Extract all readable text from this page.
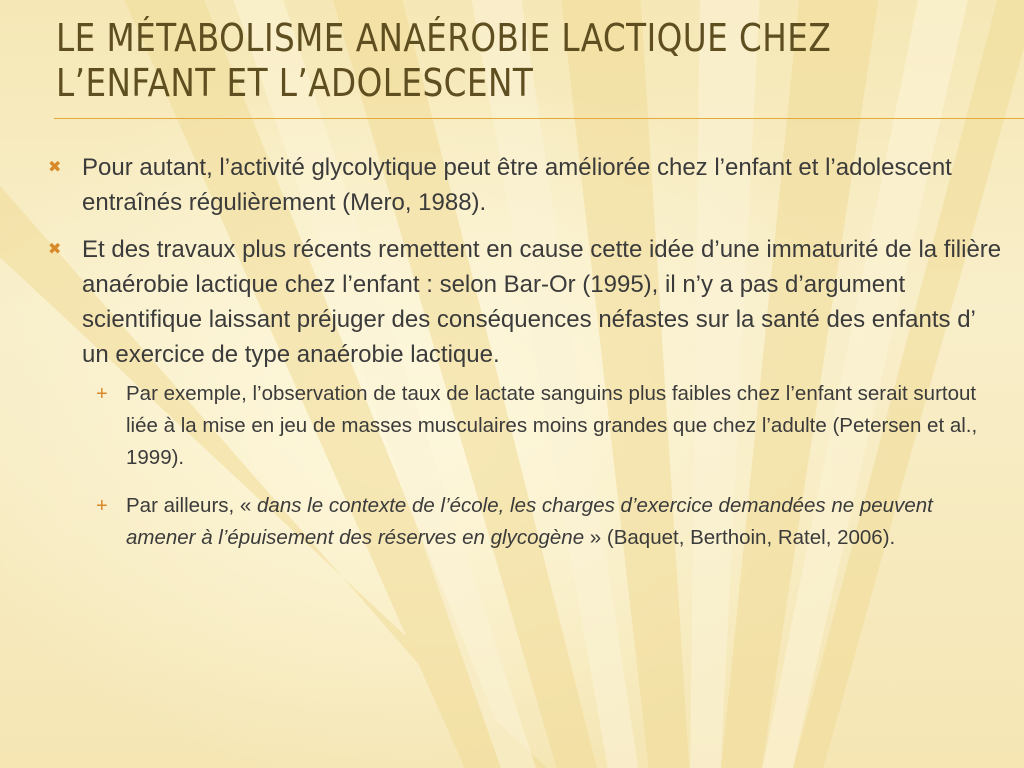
LE MÉTABOLISME ANAÉROBIE LACTIQUE CHEZ
L’ENFANT ET L’ADOLESCENT
✖ Pour autant, l’activité glycolytique peut être améliorée chez l’enfant et l’adolescent entraînés régulièrement (Mero, 1988).
✖ Et des travaux plus récents remettent en cause cette idée d’une immaturité de la filière anaérobie lactique chez l’enfant : selon Bar-Or (1995), il n’y a pas d’argument scientifique laissant préjuger des conséquences néfastes sur la santé des enfants d’ un exercice de type anaérobie lactique.
+ Par exemple, l’observation de taux de lactate sanguins plus faibles chez l’enfant serait surtout liée à la mise en jeu de masses musculaires moins grandes que chez l’adulte (Petersen et al., 1999).
+ Par ailleurs, « dans le contexte de l’école, les charges d’exercice demandées ne peuvent amener à l’épuisement des réserves en glycogène » (Baquet, Berthoin, Ratel, 2006).
